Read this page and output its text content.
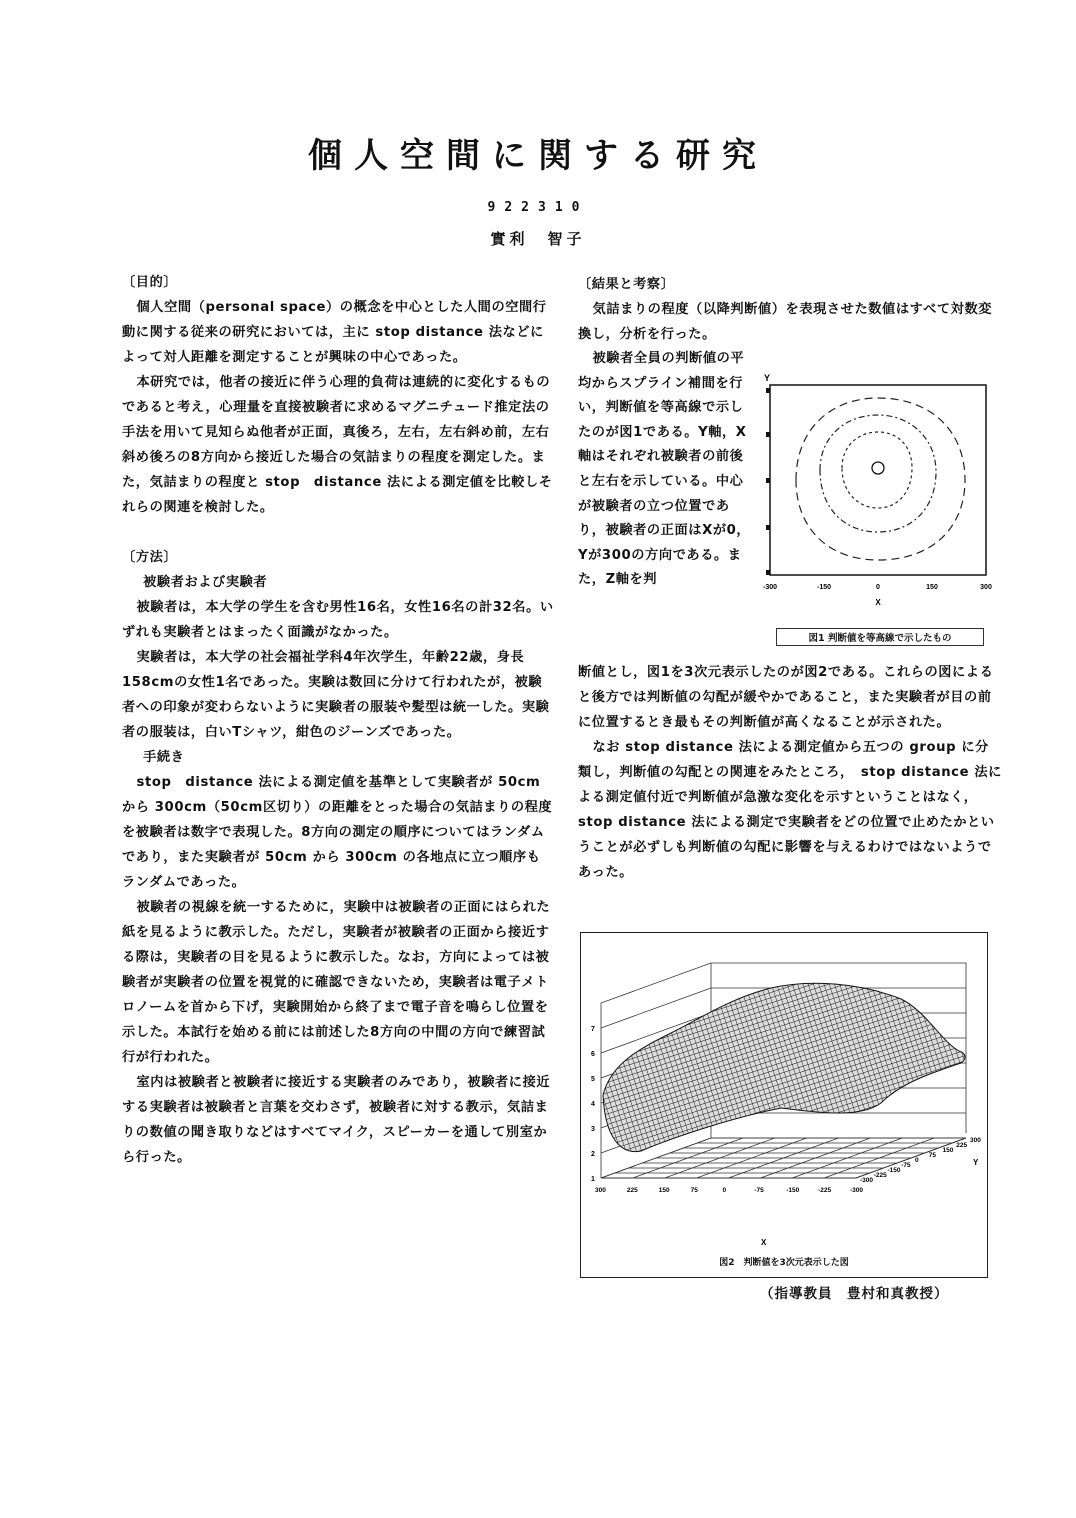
個人空間に関する研究
922310
實利　智子

〔目的〕

個人空間（personal space）の概念を中心とした人間の空間行動に関する従来の研究においては，主に stop distance 法などによって対人距離を測定することが興味の中心であった。

本研究では，他者の接近に伴う心理的負荷は連続的に変化するものであると考え，心理量を直接被験者に求めるマグニチュード推定法の手法を用いて見知らぬ他者が正面，真後ろ，左右，左右斜め前，左右斜め後ろの8方向から接近した場合の気詰まりの程度を測定した。また，気詰まりの程度と stop　distance 法による測定値を比較しそれらの関連を検討した。

〔方法〕

被験者および実験者

被験者は，本大学の学生を含む男性16名，女性16名の計32名。いずれも実験者とはまったく面識がなかった。

実験者は，本大学の社会福祉学科4年次学生，年齢22歳，身長158cmの女性1名であった。実験は数回に分けて行われたが，被験者への印象が変わらないように実験者の服装や髪型は統一した。実験者の服装は，白いTシャツ，紺色のジーンズであった。

手続き

stop　distance 法による測定値を基準として実験者が 50cm から 300cm（50cm区切り）の距離をとった場合の気詰まりの程度を被験者は数字で表現した。8方向の測定の順序についてはランダムであり，また実験者が 50cm から 300cm の各地点に立つ順序もランダムであった。

被験者の視線を統一するために，実験中は被験者の正面にはられた紙を見るように教示した。ただし，実験者が被験者の正面から接近する際は，実験者の目を見るように教示した。なお，方向によっては被験者が実験者の位置を視覚的に確認できないため，実験者は電子メトロノームを首から下げ，実験開始から終了まで電子音を鳴らし位置を示した。本試行を始める前には前述した8方向の中間の方向で練習試行が行われた。

室内は被験者と被験者に接近する実験者のみであり，被験者に接近する実験者は被験者と言葉を交わさず，被験者に対する教示，気詰まりの数値の聞き取りなどはすべてマイク，スピーカーを通して別室から行った。

〔結果と考察〕

気詰まりの程度（以降判断値）を表現させた数値はすべて対数変換し，分析を行った。

被験者全員の判断値の平均からスプライン補間を行い，判断値を等高線で示したのが図1である。Y軸，X軸はそれぞれ被験者の前後と左右を示している。中心が被験者の立つ位置であり，被験者の正面はXが0，Yが300の方向である。また，Z軸を判

Y
-300	-150	0	150	300
X
図1 判断値を等高線で示したもの

断値とし，図1を3次元表示したのが図2である。これらの図によると後方では判断値の勾配が緩やかであること，また実験者が目の前に位置するとき最もその判断値が高くなることが示された。

なお stop distance 法による測定値から五つの group に分類し，判断値の勾配との関連をみたところ，　stop distance 法による測定値付近で判断値が急激な変化を示すということはなく，　stop distance 法による測定で実験者をどの位置で止めたかということが必ずしも判断値の勾配に影響を与えるわけではないようであった。

1
2
3
4
5
6
7
300	225	150	75	0	-75	-150	-225	-300
300
225
150
75
0
-75
-150
-225
-300
X
Y
図2　判断値を3次元表示した図
（指導教員　豊村和真教授）
